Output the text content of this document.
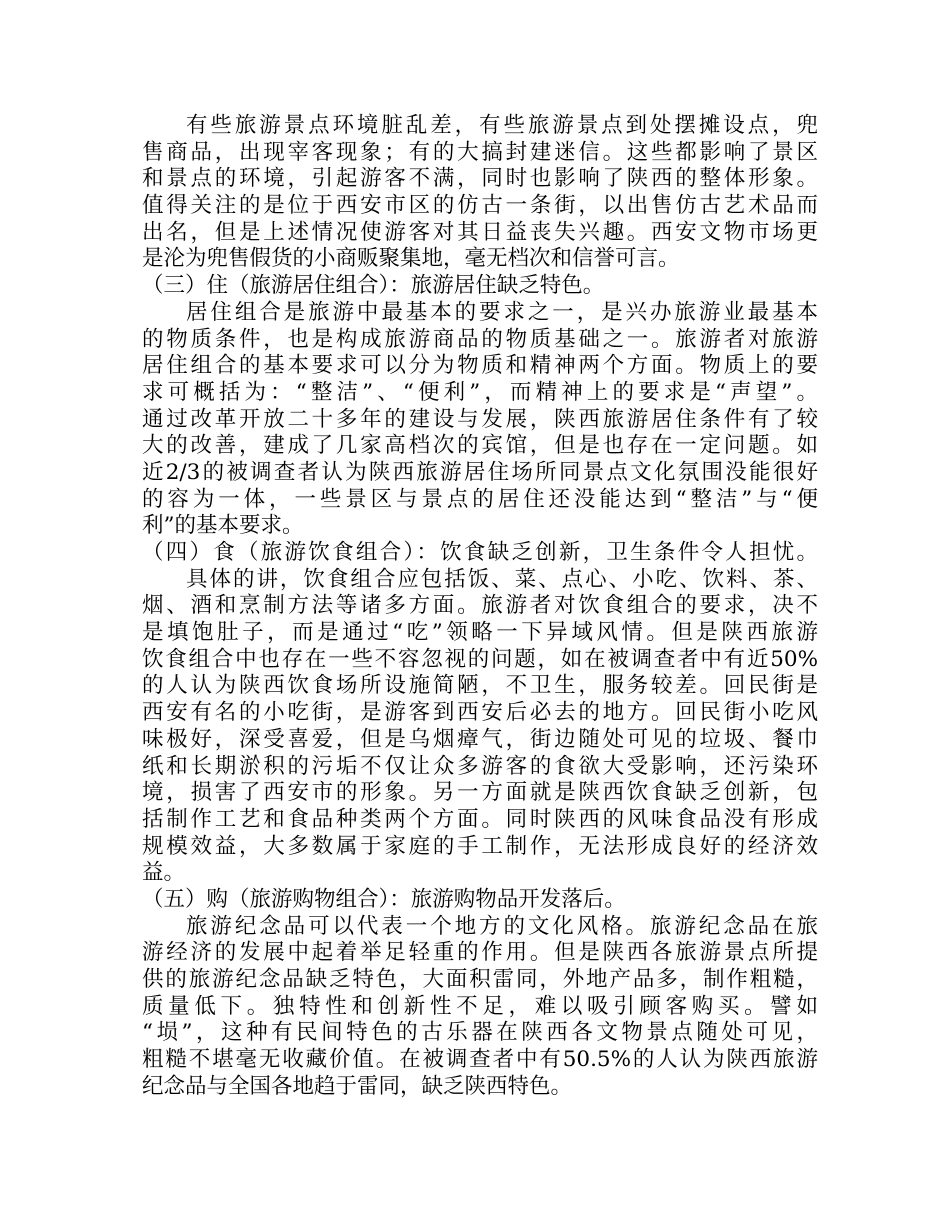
有些旅游景点环境脏乱差，有些旅游景点到处摆摊设点，兜
售商品，出现宰客现象；有的大搞封建迷信。这些都影响了景区
和景点的环境，引起游客不满，同时也影响了陕西的整体形象。
值得关注的是位于西安市区的仿古一条街，以出售仿古艺术品而
出名，但是上述情况使游客对其日益丧失兴趣。西安文物市场更
是沦为兜售假货的小商贩聚集地，毫无档次和信誉可言。
（三）住（旅游居住组合）：旅游居住缺乏特色。
居住组合是旅游中最基本的要求之一，是兴办旅游业最基本
的物质条件，也是构成旅游商品的物质基础之一。旅游者对旅游
居住组合的基本要求可以分为物质和精神两个方面。物质上的要
求可概括为：“整洁”、“便利”，而精神上的要求是“声望”。
通过改革开放二十多年的建设与发展，陕西旅游居住条件有了较
大的改善，建成了几家高档次的宾馆，但是也存在一定问题。如
近2/3的被调查者认为陕西旅游居住场所同景点文化氛围没能很好
的容为一体，一些景区与景点的居住还没能达到“整洁”与“便
利”的基本要求。
（四）食（旅游饮食组合）：饮食缺乏创新，卫生条件令人担忧。
具体的讲，饮食组合应包括饭、菜、点心、小吃、饮料、茶、
烟、酒和烹制方法等诸多方面。旅游者对饮食组合的要求，决不
是填饱肚子，而是通过“吃”领略一下异域风情。但是陕西旅游
饮食组合中也存在一些不容忽视的问题，如在被调查者中有近50%
的人认为陕西饮食场所设施简陋，不卫生，服务较差。回民街是
西安有名的小吃街，是游客到西安后必去的地方。回民街小吃风
味极好，深受喜爱，但是乌烟瘴气，街边随处可见的垃圾、餐巾
纸和长期淤积的污垢不仅让众多游客的食欲大受影响，还污染环
境，损害了西安市的形象。另一方面就是陕西饮食缺乏创新，包
括制作工艺和食品种类两个方面。同时陕西的风味食品没有形成
规模效益，大多数属于家庭的手工制作，无法形成良好的经济效
益。
（五）购（旅游购物组合）：旅游购物品开发落后。
旅游纪念品可以代表一个地方的文化风格。旅游纪念品在旅
游经济的发展中起着举足轻重的作用。但是陕西各旅游景点所提
供的旅游纪念品缺乏特色，大面积雷同，外地产品多，制作粗糙，
质量低下。独特性和创新性不足，难以吸引顾客购买。譬如
“埙”，这种有民间特色的古乐器在陕西各文物景点随处可见，
粗糙不堪毫无收藏价值。在被调查者中有50.5%的人认为陕西旅游
纪念品与全国各地趋于雷同，缺乏陕西特色。
